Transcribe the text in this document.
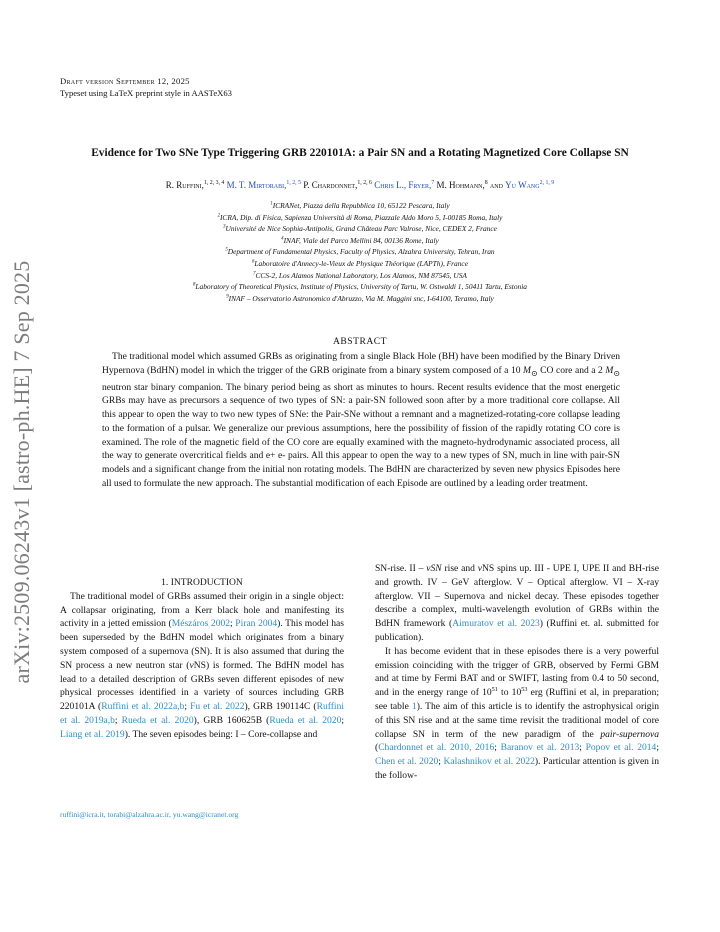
arXiv:2509.06243v1 [astro-ph.HE] 7 Sep 2025
Draft version September 12, 2025
Typeset using LaTeX preprint style in AASTeX63
Evidence for Two SNe Type Triggering GRB 220101A: a Pair SN and a Rotating Magnetized Core Collapse SN
R. Ruffini,$^{1, 2, 3, 4}$ M. T. Mirtorabi,$^{1, 2, 5}$ P. Chardonnet,$^{1, 2, 6}$ Chris L., Fryer,$^7$ M. Hohmann,$^8$ and Yu Wang$^{2, 1, 9}$
$^1$ICRANet, Piazza della Repubblica 10, 65122 Pescara, Italy
$^2$ICRA, Dip. di Fisica, Sapienza Università di Roma, Piazzale Aldo Moro 5, I-00185 Roma, Italy
$^3$Université de Nice Sophia-Antipolis, Grand Château Parc Valrose, Nice, CEDEX 2, France
$^4$INAF, Viale del Parco Mellini 84, 00136 Rome, Italy
$^5$Department of Fundamental Physics, Faculty of Physics, Alzahra University, Tehran, Iran
$^6$Laboratoire d'Annecy-le-Vieux de Physique Théorique (LAPTh), France
$^7$CCS-2, Los Alamos National Laboratory, Los Alamos, NM 87545, USA
$^8$Laboratory of Theoretical Physics, Institute of Physics, University of Tartu, W. Ostwaldi 1, 50411 Tartu, Estonia
$^9$INAF – Osservatorio Astronomico d'Abruzzo, Via M. Maggini snc, I-64100, Teramo, Italy
ABSTRACT

The traditional model which assumed GRBs as originating from a single Black Hole (BH) have been modified by the Binary Driven Hypernova (BdHN) model in which the trigger of the GRB originate from a binary system composed of a 10 $M_⊙$ CO core and a 2 $M_⊙$ neutron star binary companion. The binary period being as short as minutes to hours. Recent results evidence that the most energetic GRBs may have as precursors a sequence of two types of SN: a pair-SN followed soon after by a more traditional core collapse. All this appear to open the way to two new types of SNe: the Pair-SNe without a remnant and a magnetized-rotating-core collapse leading to the formation of a pulsar. We generalize our previous assumptions, here the possibility of fission of the rapidly rotating CO core is examined. The role of the magnetic field of the CO core are equally examined with the magneto-hydrodynamic associated process, all the way to generate overcritical fields and e+ e- pairs. All this appear to open the way to a new types of SN, much in line with pair-SN models and a significant change from the initial non rotating models. The BdHN are characterized by seven new physics Episodes here all used to formulate the new approach. The substantial modification of each Episode are outlined by a leading order treatment.

1. INTRODUCTION

The traditional model of GRBs assumed their origin in a single object: A collapsar originating, from a Kerr black hole and manifesting its activity in a jetted emission (Mészáros 2002; Piran 2004). This model has been superseded by the BdHN model which originates from a binary system composed of a supernova (SN). It is also assumed that during the SN process a new neutron star (νNS) is formed. The BdHN model has lead to a detailed description of GRBs seven different episodes of new physical processes identified in a variety of sources including GRB 220101A (Ruffini et al. 2022a,b; Fu et al. 2022), GRB 190114C (Ruffini et al. 2019a,b; Rueda et al. 2020), GRB 160625B (Rueda et al. 2020; Liang et al. 2019). The seven episodes being: I – Core-collapse and

SN-rise. II – νSN rise and νNS spins up. III - UPE I, UPE II and BH-rise and growth. IV – GeV afterglow. V – Optical afterglow. VI – X-ray afterglow. VII – Supernova and nickel decay. These episodes together describe a complex, multi-wavelength evolution of GRBs within the BdHN framework (Aimuratov et al. 2023) (Ruffini et. al. submitted for publication).

It has become evident that in these episodes there is a very powerful emission coinciding with the trigger of GRB, observed by Fermi GBM and at time by Fermi BAT and or SWIFT, lasting from 0.4 to 50 second, and in the energy range of $10^{51}$ to $10^{53}$ erg (Ruffini et al, in preparation; see table 1). The aim of this article is to identify the astrophysical origin of this SN rise and at the same time revisit the traditional model of core collapse SN in term of the new paradigm of the pair-supernova (Chardonnet et al. 2010, 2016; Baranov et al. 2013; Popov et al. 2014; Chen et al. 2020; Kalashnikov et al. 2022). Particular attention is given in the follow-

ruffini@icra.it, torabi@alzahra.ac.ir, yu.wang@icranet.org
